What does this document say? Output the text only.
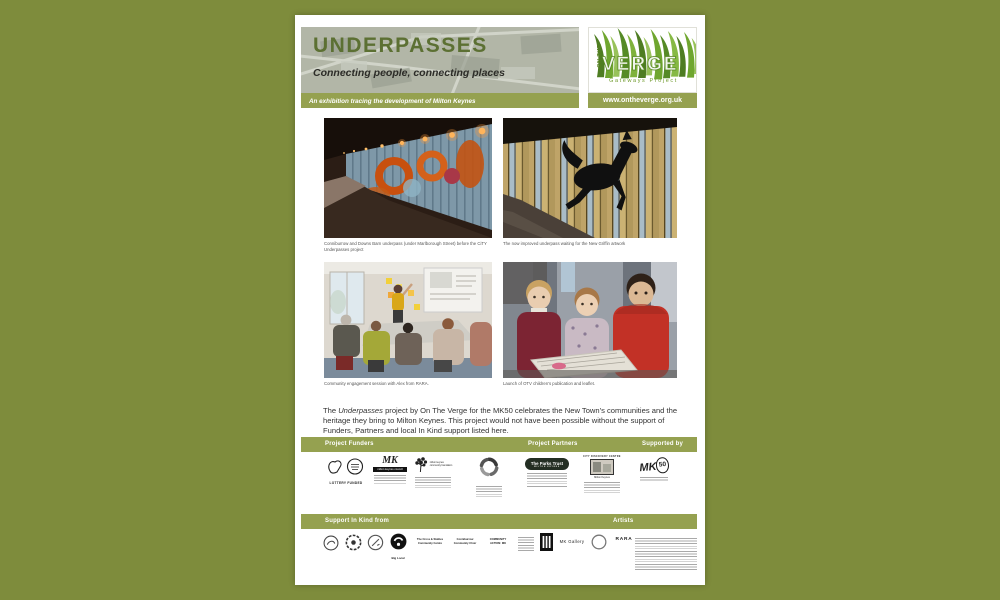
UNDERPASSES
Connecting people, connecting places
ON THE VERGE
Gateways Project
An exhibition tracing the development of Milton Keynes	www.ontheverge.org.uk
Conniburrow and Downs Barn underpass (under Marlborough Street) before the CiTY Underpasses project
The now improved underpass waiting for the New Griffin artwork
Community engagement session with Alex from RARA.	Launch of OTV children's publication and leaflet.

The Underpasses project by On The Verge for the MK50 celebrates the New Town's communities and the heritage they bring to Milton Keynes. This project would not have been possible without the support of Funders, Partners and local In Kind support listed here.

Project Funders	Project Partners	Supported by
LOTTERY FUNDED
MK
milton keynes council
milton keynes
community foundation
The Parks Trust
MILTON KEYNES
CITY DISCOVERY CENTRE
Milton Keynes
MK 50
Support In Kind from	Artists
Big Local
The Cross & Stables
Community Centre
Conniburrow
Community Choir
COMMUNITY
ACTION: MK	MK Gallery	RARA
